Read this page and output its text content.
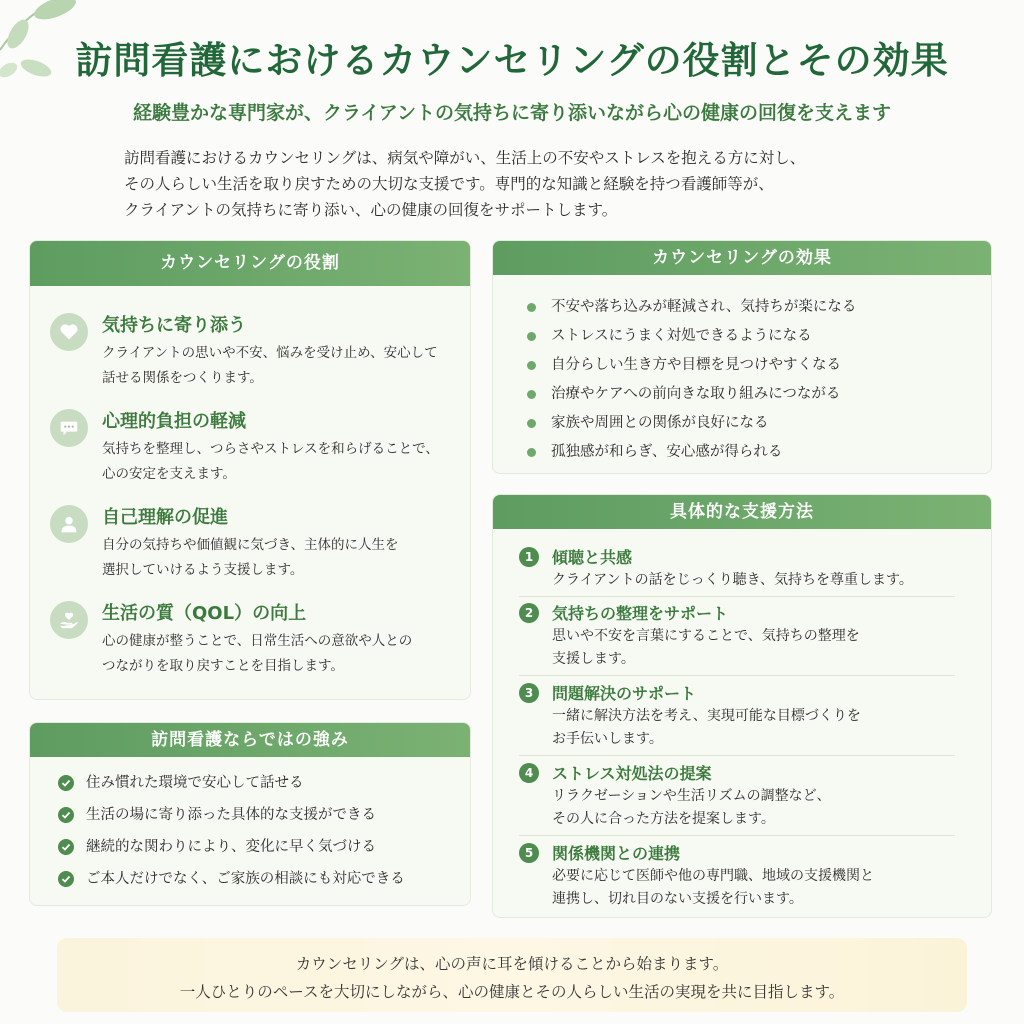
訪問看護におけるカウンセリングの役割とその効果
経験豊かな専門家が、クライアントの気持ちに寄り添いながら心の健康の回復を支えます

訪問看護におけるカウンセリングは、病気や障がい、生活上の不安やストレスを抱える方に対し、

その人らしい生活を取り戻すための大切な支援です。専門的な知識と経験を持つ看護師等が、

クライアントの気持ちに寄り添い、心の健康の回復をサポートします。

カウンセリングの役割
気持ちに寄り添う
クライアントの思いや不安、悩みを受け止め、安心して
話せる関係をつくります。
心理的負担の軽減
気持ちを整理し、つらさやストレスを和らげることで、
心の安定を支えます。
自己理解の促進
自分の気持ちや価値観に気づき、主体的に人生を
選択していけるよう支援します。
生活の質（QOL）の向上
心の健康が整うことで、日常生活への意欲や人との
つながりを取り戻すことを目指します。
カウンセリングの効果
不安や落ち込みが軽減され、気持ちが楽になる
ストレスにうまく対処できるようになる
自分らしい生き方や目標を見つけやすくなる
治療やケアへの前向きな取り組みにつながる
家族や周囲との関係が良好になる
孤独感が和らぎ、安心感が得られる
訪問看護ならではの強み
住み慣れた環境で安心して話せる
生活の場に寄り添った具体的な支援ができる
継続的な関わりにより、変化に早く気づける
ご本人だけでなく、ご家族の相談にも対応できる
具体的な支援方法
1	傾聴と共感
クライアントの話をじっくり聴き、気持ちを尊重します。
2	気持ちの整理をサポート
思いや不安を言葉にすることで、気持ちの整理を
支援します。
3	問題解決のサポート
一緒に解決方法を考え、実現可能な目標づくりを
お手伝いします。
4	ストレス対処法の提案
リラクゼーションや生活リズムの調整など、
その人に合った方法を提案します。
5	関係機関との連携
必要に応じて医師や他の専門職、地域の支援機関と
連携し、切れ目のない支援を行います。
カウンセリングは、心の声に耳を傾けることから始まります。
一人ひとりのペースを大切にしながら、心の健康とその人らしい生活の実現を共に目指します。
